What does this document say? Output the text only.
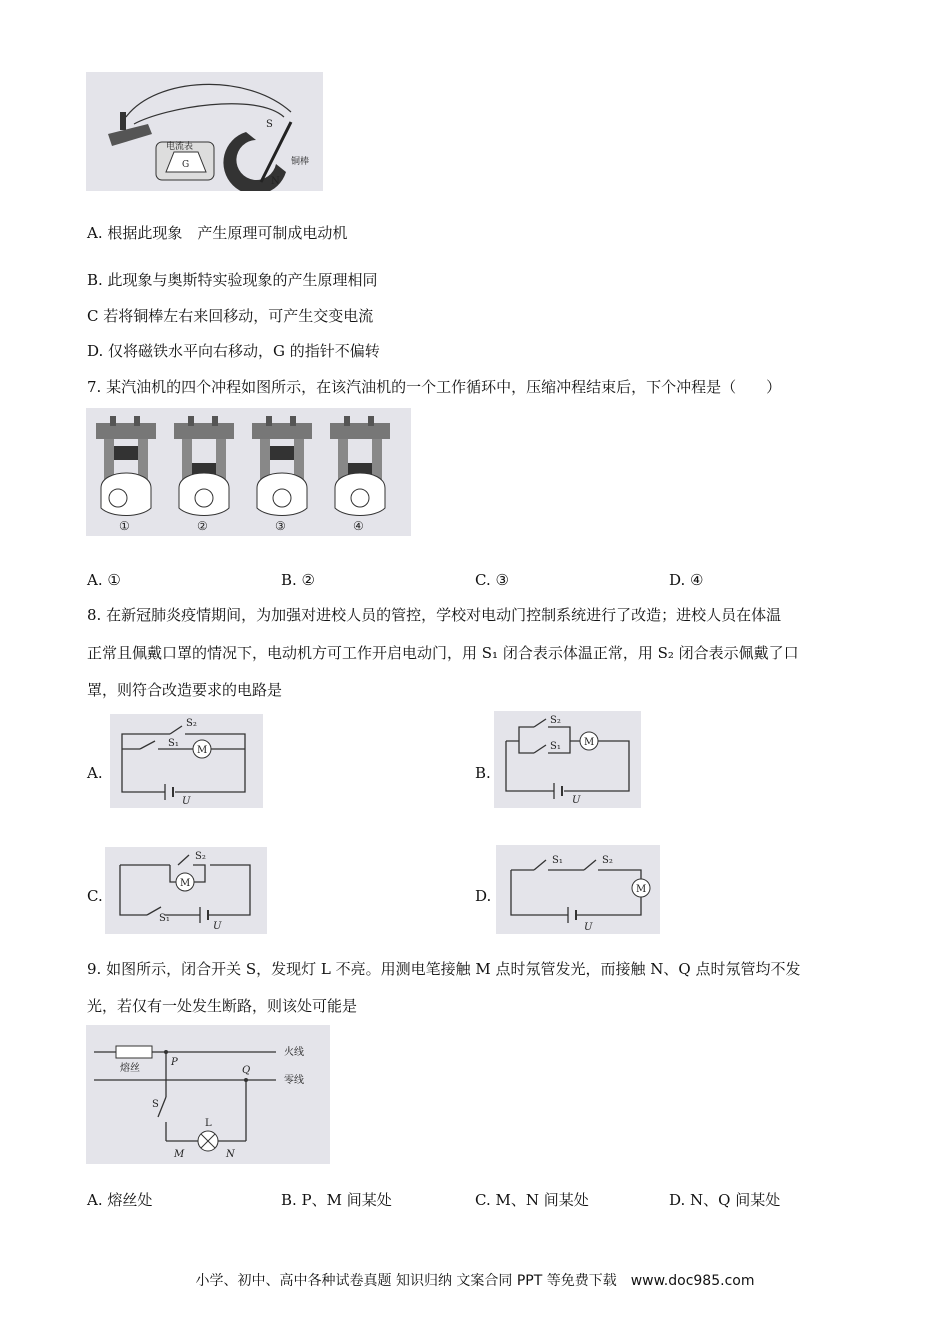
电流表
G
S
N
铜棒
A. 根据此现象　产生原理可制成电动机
B. 此现象与奥斯特实验现象的产生原理相同
C 若将铜棒左右来回移动，可产生交变电流
D. 仅将磁铁水平向右移动，G 的指针不偏转
7. 某汽油机的四个冲程如图所示，在该汽油机的一个工作循环中，压缩冲程结束后，下个冲程是（　　）
①	②	③	④
A. ①	B. ②	C. ③	D. ④
8. 在新冠肺炎疫情期间，为加强对进校人员的管控，学校对电动门控制系统进行了改造；进校人员在体温
正常且佩戴口罩的情况下，电动机方可工作开启电动门，用 S₁ 闭合表示体温正常，用 S₂ 闭合表示佩戴了口
罩，则符合改造要求的电路是
A.
U
S₂
S₁
M
B.
U
S₂
S₁ M
C.
S₁
U
S₂
M
D.
U
S₁	S₂
M
9. 如图所示，闭合开关 S，发现灯 L 不亮。用测电笔接触 M 点时氖管发光，而接触 N、Q 点时氖管均不发
光，若仅有一处发生断路，则该处可能是
火线
熔丝
零线
P
S
L
Q
M	N
A. 熔丝处	B. P、M 间某处	C. M、N 间某处	D. N、Q 间某处
小学、初中、高中各种试卷真题 知识归纳 文案合同 PPT 等免费下载　www.doc985.com
